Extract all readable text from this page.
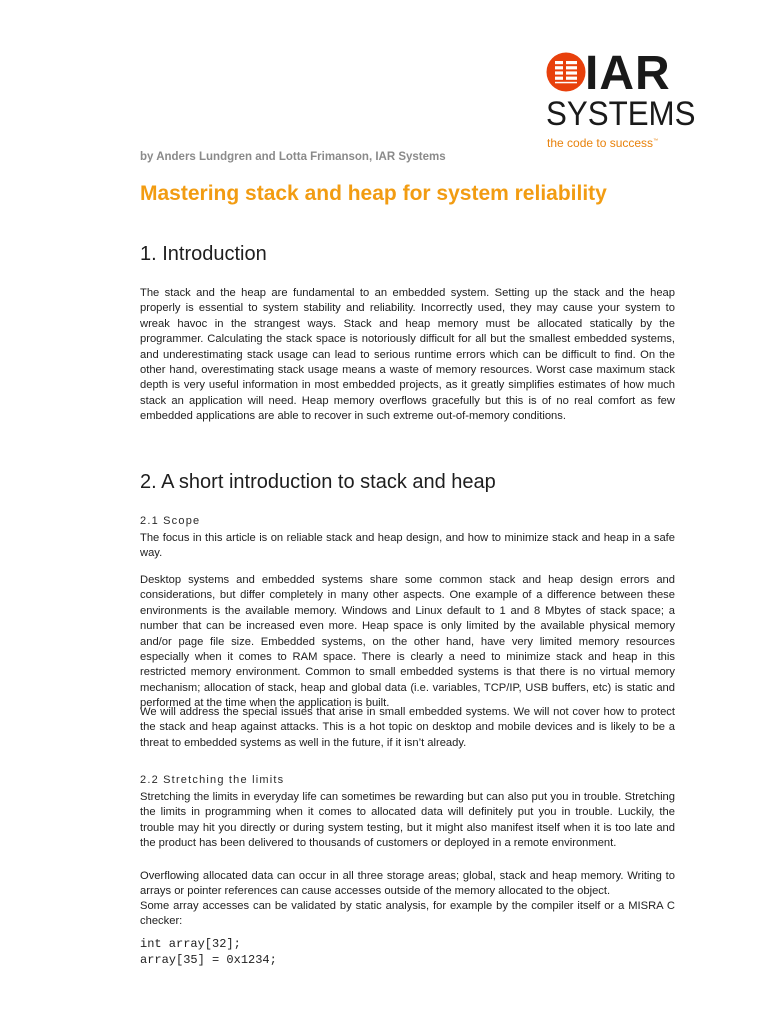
IAR
SYSTEMS
the code to success™
by Anders Lundgren and Lotta Frimanson, IAR Systems
Mastering stack and heap for system reliability
1. Introduction

The stack and the heap are fundamental to an embedded system. Setting up the stack and the heap properly is essential to system stability and reliability. Incorrectly used, they may cause your system to wreak havoc in the strangest ways. Stack and heap memory must be allocated statically by the programmer. Calculating the stack space is notoriously difficult for all but the smallest embedded systems, and underestimating stack usage can lead to serious runtime errors which can be difficult to find. On the other hand, overestimating stack usage means a waste of memory resources. Worst case maximum stack depth is very useful information in most embedded projects, as it greatly simplifies estimates of how much stack an application will need. Heap memory overflows gracefully but this is of no real comfort as few embedded applications are able to recover in such extreme out-of-memory conditions.

2. A short introduction to stack and heap
2.1 Scope

The focus in this article is on reliable stack and heap design, and how to minimize stack and heap in a safe way.

Desktop systems and embedded systems share some common stack and heap design errors and considerations, but differ completely in many other aspects. One example of a difference between these environments is the available memory. Windows and Linux default to 1 and 8 Mbytes of stack space; a number that can be increased even more. Heap space is only limited by the available physical memory and/or page file size. Embedded systems, on the other hand, have very limited memory resources especially when it comes to RAM space. There is clearly a need to minimize stack and heap in this restricted memory environment. Common to small embedded systems is that there is no virtual memory mechanism; allocation of stack, heap and global data (i.e. variables, TCP/IP, USB buffers, etc) is static and performed at the time when the application is built.

We will address the special issues that arise in small embedded systems. We will not cover how to protect the stack and heap against attacks. This is a hot topic on desktop and mobile devices and is likely to be a threat to embedded systems as well in the future, if it isn’t already.

2.2 Stretching the limits

Stretching the limits in everyday life can sometimes be rewarding but can also put you in trouble. Stretching the limits in programming when it comes to allocated data will definitely put you in trouble. Luckily, the trouble may hit you directly or during system testing, but it might also manifest itself when it is too late and the product has been delivered to thousands of customers or deployed in a remote environment.

Overflowing allocated data can occur in all three storage areas; global, stack and heap memory. Writing to arrays or pointer references can cause accesses outside of the memory allocated to the object.

Some array accesses can be validated by static analysis, for example by the compiler itself or a MISRA C checker:

int array[32];
array[35] = 0x1234;
